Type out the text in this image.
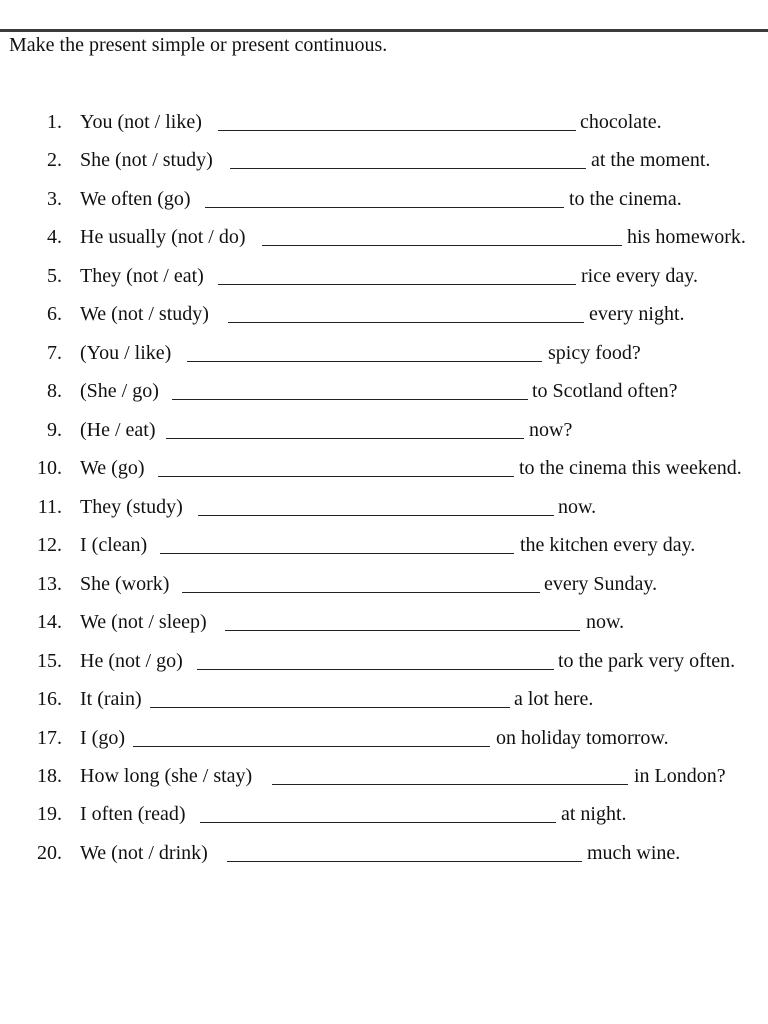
Make the present simple or present continuous.
1. You (not / like)	chocolate.
2. She (not / study)	at the moment.
3. We often (go)	to the cinema.
4. He usually (not / do)	his homework.
5. They (not / eat)	rice every day.
6. We (not / study)	every night.
7. (You / like)	spicy food?
8. (She / go)	to Scotland often?
9. (He / eat)	now?
10. We (go)	to the cinema this weekend.
11. They (study)	now.
12. I (clean)	the kitchen every day.
13. She (work)	every Sunday.
14. We (not / sleep)	now.
15. He (not / go)	to the park very often.
16. It (rain)	a lot here.
17. I (go)	on holiday tomorrow.
18. How long (she / stay)	in London?
19. I often (read)	at night.
20. We (not / drink)	much wine.
